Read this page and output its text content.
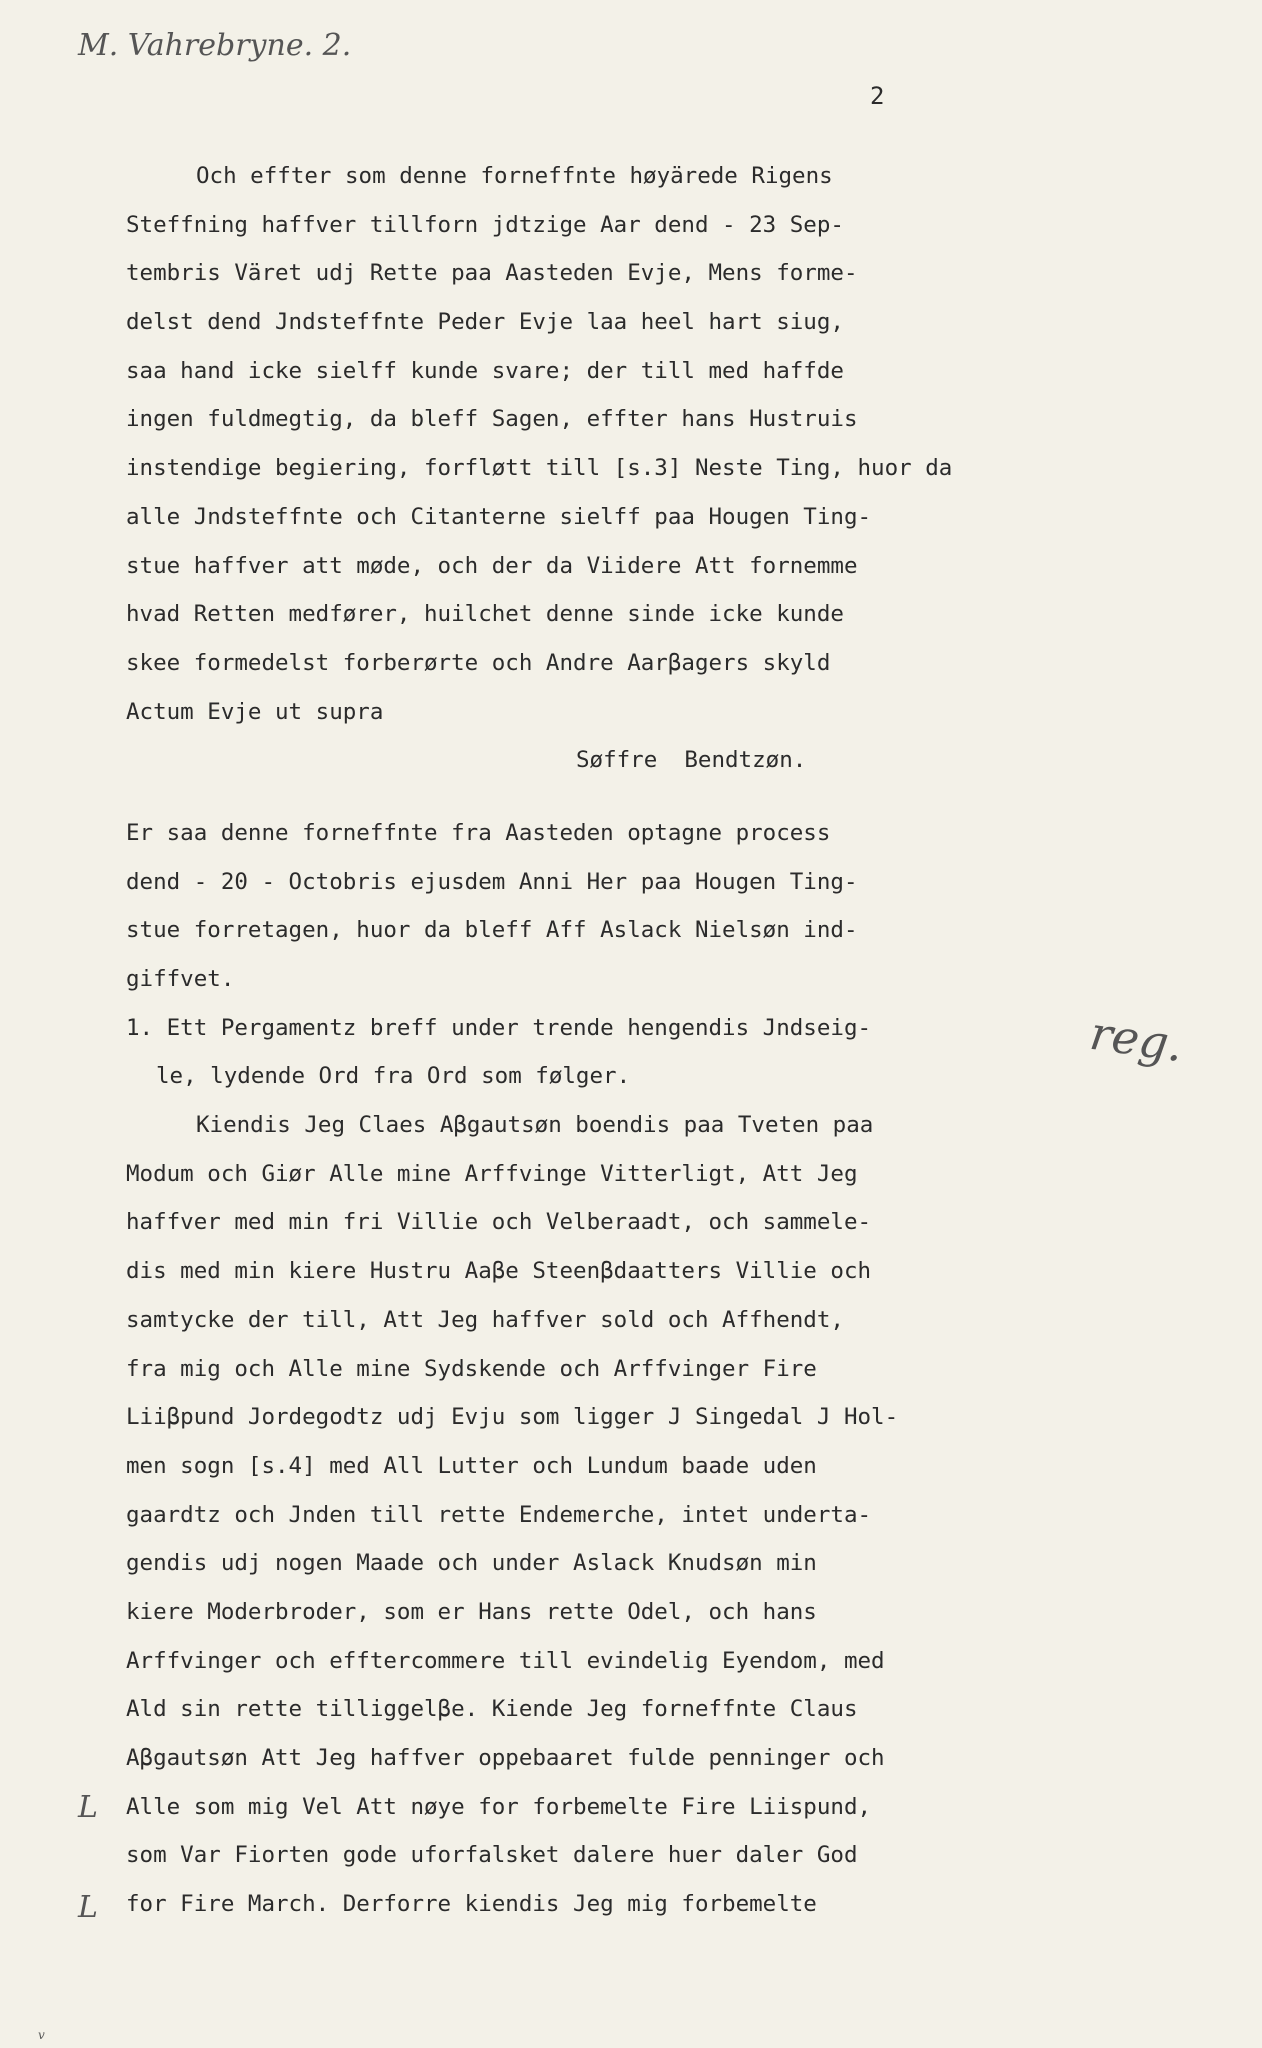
M. Vahrebryne. 2.
2
reg.
L
L
v
Och effter som denne forneffnte høyärede Rigens
Steffning haffver tillforn jdtzige Aar dend - 23 Sep-
tembris Väret udj Rette paa Aasteden Evje, Mens forme-
delst dend Jndsteffnte Peder Evje laa heel hart siug,
saa hand icke sielff kunde svare; der till med haffde
ingen fuldmegtig, da bleff Sagen, effter hans Hustruis
instendige begiering, forfløtt till [s.3] Neste Ting, huor da
alle Jndsteffnte och Citanterne sielff paa Hougen Ting-
stue haffver att møde, och der da Viidere Att fornemme
hvad Retten medfører, huilchet denne sinde icke kunde
skee formedelst forberørte och Andre Aarβagers skyld
Actum Evje ut supra
Søffre  Bendtzøn.
Er saa denne forneffnte fra Aasteden optagne process
dend - 20 - Octobris ejusdem Anni Her paa Hougen Ting-
stue forretagen, huor da bleff Aff Aslack Nielsøn ind-
giffvet.
1. Ett Pergamentz breff under trende hengendis Jndseig-
le, lydende Ord fra Ord som følger.
Kiendis Jeg Claes Aβgautsøn boendis paa Tveten paa
Modum och Giør Alle mine Arffvinge Vitterligt, Att Jeg
haffver med min fri Villie och Velberaadt, och sammele-
dis med min kiere Hustru Aaβe Steenβdaatters Villie och
samtycke der till, Att Jeg haffver sold och Affhendt,
fra mig och Alle mine Sydskende och Arffvinger Fire
Liiβpund Jordegodtz udj Evju som ligger J Singedal J Hol-
men sogn [s.4] med All Lutter och Lundum baade uden
gaardtz och Jnden till rette Endemerche, intet underta-
gendis udj nogen Maade och under Aslack Knudsøn min
kiere Moderbroder, som er Hans rette Odel, och hans
Arffvinger och efftercommere till evindelig Eyendom, med
Ald sin rette tilliggelβe. Kiende Jeg forneffnte Claus
Aβgautsøn Att Jeg haffver oppebaaret fulde penninger och
Alle som mig Vel Att nøye for forbemelte Fire Liispund,
som Var Fiorten gode uforfalsket dalere huer daler God
for Fire March. Derforre kiendis Jeg mig forbemelte
